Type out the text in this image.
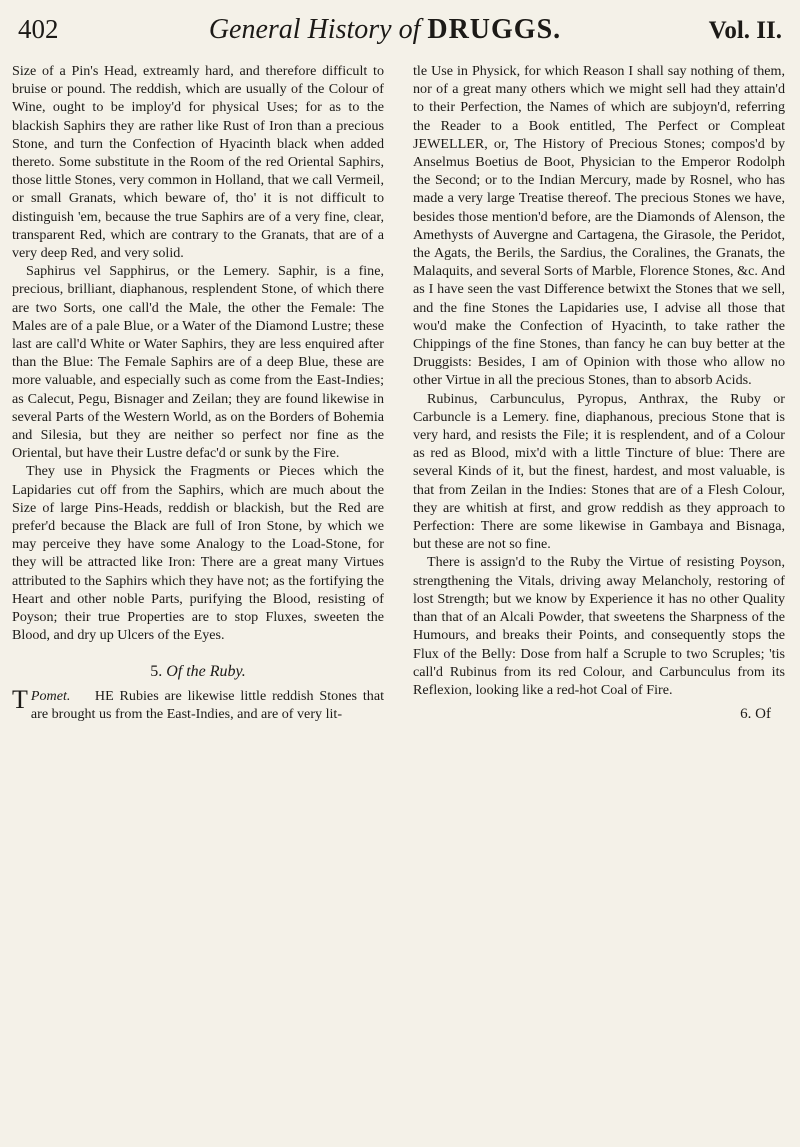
402	General History of DRUGGS.	Vol. II.

Size of a Pin's Head, extreamly hard, and therefore difficult to bruise or pound. The reddish, which are usually of the Colour of Wine, ought to be imploy'd for physical Uses; for as to the blackish Saphirs they are rather like Rust of Iron than a precious Stone, and turn the Confection of Hyacinth black when added thereto. Some substitute in the Room of the red Oriental Saphirs, those little Stones, very common in Holland, that we call Vermeil, or small Granats, which beware of, tho' it is not difficult to distinguish 'em, because the true Saphirs are of a very fine, clear, transparent Red, which are contrary to the Granats, that are of a very deep Red, and very solid.

Saphirus vel Sapphirus, or the Lemery. Saphir, is a fine, precious, brilliant, diaphanous, resplendent Stone, of which there are two Sorts, one call'd the Male, the other the Female: The Males are of a pale Blue, or a Water of the Diamond Lustre; these last are call'd White or Water Saphirs, they are less enquired after than the Blue: The Female Saphirs are of a deep Blue, these are more valuable, and especially such as come from the East-Indies; as Calecut, Pegu, Bisnager and Zeilan; they are found likewise in several Parts of the Western World, as on the Borders of Bohemia and Silesia, but they are neither so perfect nor fine as the Oriental, but have their Lustre defac'd or sunk by the Fire.

They use in Physick the Fragments or Pieces which the Lapidaries cut off from the Saphirs, which are much about the Size of large Pins-Heads, reddish or blackish, but the Red are prefer'd because the Black are full of Iron Stone, by which we may perceive they have some Analogy to the Load-Stone, for they will be attracted like Iron: There are a great many Virtues attributed to the Saphirs which they have not; as the fortifying the Heart and other noble Parts, purifying the Blood, resisting of Poyson; their true Properties are to stop Fluxes, sweeten the Blood, and dry up Ulcers of the Eyes.

5. Of the Ruby.

Pomet.
T	HE Rubies are likewise little reddish Stones that are brought us from the East-Indies, and are of very lit-

tle Use in Physick, for which Reason I shall say nothing of them, nor of a great many others which we might sell had they attain'd to their Perfection, the Names of which are subjoyn'd, referring the Reader to a Book entitled, The Perfect or Compleat JEWELLER, or, The History of Precious Stones; compos'd by Anselmus Boetius de Boot, Physician to the Emperor Rodolph the Second; or to the Indian Mercury, made by Rosnel, who has made a very large Treatise thereof. The precious Stones we have, besides those mention'd before, are the Diamonds of Alenson, the Amethysts of Auvergne and Cartagena, the Girasole, the Peridot, the Agats, the Berils, the Sardius, the Coralines, the Granats, the Malaquits, and several Sorts of Marble, Florence Stones, &c. And as I have seen the vast Difference betwixt the Stones that we sell, and the fine Stones the Lapidaries use, I advise all those that wou'd make the Confection of Hyacinth, to take rather the Chippings of the fine Stones, than fancy he can buy better at the Druggists: Besides, I am of Opinion with those who allow no other Virtue in all the precious Stones, than to absorb Acids.

Rubinus, Carbunculus, Pyropus, Anthrax, the Ruby or Carbuncle is a Lemery. fine, diaphanous, precious Stone that is very hard, and resists the File; it is resplendent, and of a Colour as red as Blood, mix'd with a little Tincture of blue: There are several Kinds of it, but the finest, hardest, and most valuable, is that from Zeilan in the Indies: Stones that are of a Flesh Colour, they are whitish at first, and grow reddish as they approach to Perfection: There are some likewise in Gambaya and Bisnaga, but these are not so fine.

There is assign'd to the Ruby the Virtue of resisting Poyson, strengthening the Vitals, driving away Melancholy, restoring of lost Strength; but we know by Experience it has no other Quality than that of an Alcali Powder, that sweetens the Sharpness of the Humours, and breaks their Points, and consequently stops the Flux of the Belly: Dose from half a Scruple to two Scruples; 'tis call'd Rubinus from its red Colour, and Carbunculus from its Reflexion, looking like a red-hot Coal of Fire.

6. Of
